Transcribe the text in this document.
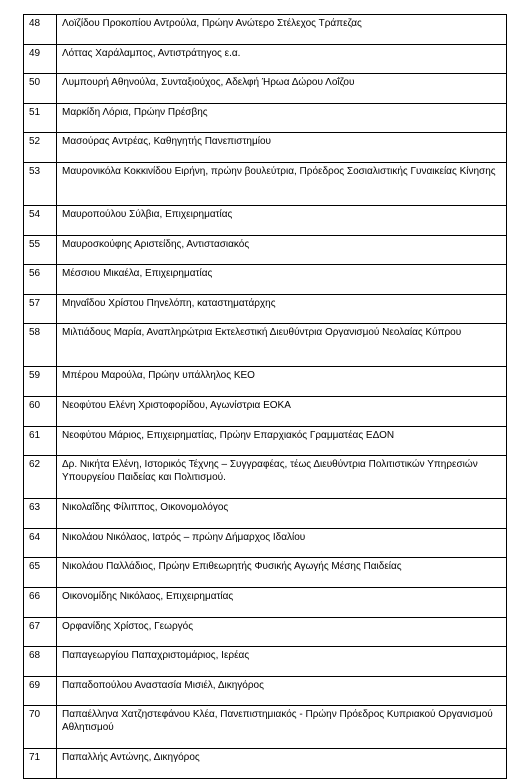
48	Λοϊζίδου Προκοπίου Αντρούλα, Πρώην Ανώτερο Στέλεχος Τράπεζας

49	Λόττας Χαράλαμπος, Αντιστράτηγος ε.α.

50	Λυμπουρή Αθηνούλα, Συνταξιούχος, Αδελφή Ήρωα Δώρου Λοΐζου

51	Μαρκίδη Λόρια, Πρώην Πρέσβης

52	Μασούρας Αντρέας, Καθηγητής Πανεπιστημίου

53	Μαυρονικόλα Κοκκινίδου Ειρήνη, πρώην βουλεύτρια, Πρόεδρος Σοσιαλιστικής Γυναικείας Κίνησης

54	Μαυροπούλου Σύλβια, Επιχειρηματίας

55	Μαυροσκούφης Αριστείδης, Αντιστασιακός

56	Μέσσιου Μικαέλα, Επιχειρηματίας

57	Μηναΐδου Χρίστου Πηνελόπη, καταστηματάρχης

58	Μιλτιάδους Μαρία, Αναπληρώτρια Εκτελεστική Διευθύντρια Οργανισμού Νεολαίας Κύπρου

59	Μπέρου Μαρούλα, Πρώην υπάλληλος ΚΕΟ

60	Νεοφύτου Ελένη Χριστοφορίδου, Αγωνίστρια ΕΟΚΑ

61	Νεοφύτου Μάριος, Επιχειρηματίας, Πρώην Επαρχιακός Γραμματέας ΕΔΟΝ

62	Δρ. Νικήτα Ελένη, Ιστορικός Τέχνης – Συγγραφέας, τέως Διευθύντρια Πολιτιστικών Υπηρεσιών Υπουργείου Παιδείας και Πολιτισμού.

63	Νικολαΐδης Φίλιππος, Οικονομολόγος

64	Νικολάου Νικόλαος, Ιατρός – πρώην Δήμαρχος Ιδαλίου

65	Νικολάου Παλλάδιος, Πρώην Επιθεωρητής Φυσικής Αγωγής Μέσης Παιδείας

66	Οικονομίδης Νικόλαος, Επιχειρηματίας

67	Ορφανίδης Χρίστος, Γεωργός

68	Παπαγεωργίου Παπαχριστομάριος, Ιερέας

69	Παπαδοπούλου Αναστασία Μισιέλ, Δικηγόρος

70	Παπαέλληνα Χατζηστεφάνου Κλέα, Πανεπιστημιακός - Πρώην Πρόεδρος Κυπριακού Οργανισμού Αθλητισμού

71	Παπαλλής Αντώνης, Δικηγόρος
